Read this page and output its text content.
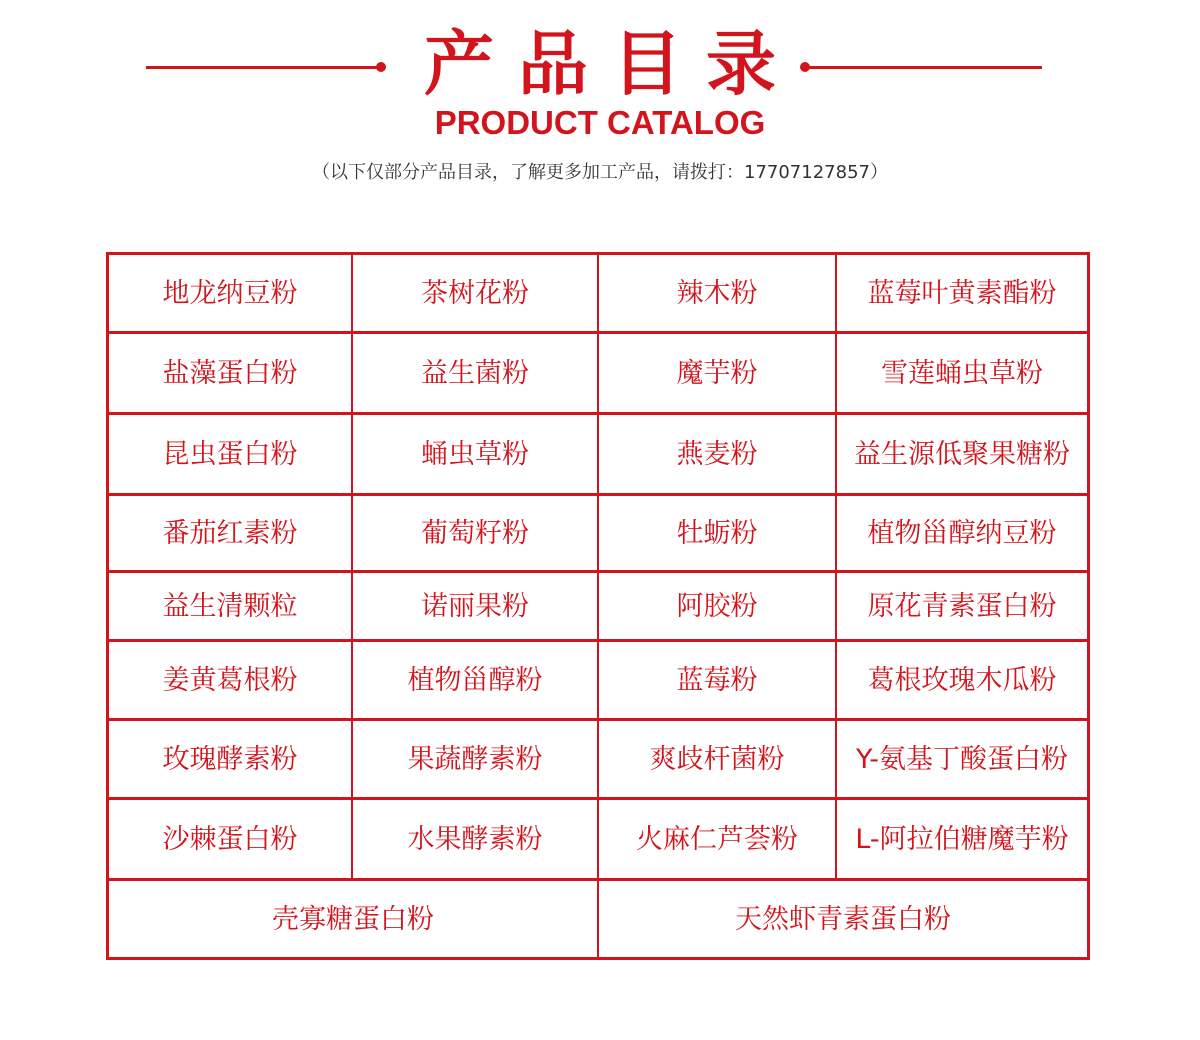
产品目录
PRODUCT CATALOG
（以下仅部分产品目录，了解更多加工产品，请拨打：17707127857）
地龙纳豆粉	茶树花粉	辣木粉	蓝莓叶黄素酯粉
盐藻蛋白粉	益生菌粉	魔芋粉	雪莲蛹虫草粉
昆虫蛋白粉	蛹虫草粉	燕麦粉	益生源低聚果糖粉
番茄红素粉	葡萄籽粉	牡蛎粉	植物甾醇纳豆粉
益生清颗粒	诺丽果粉	阿胶粉	原花青素蛋白粉
姜黄葛根粉	植物甾醇粉	蓝莓粉	葛根玫瑰木瓜粉
玫瑰酵素粉	果蔬酵素粉	爽歧杆菌粉	Y-氨基丁酸蛋白粉
沙棘蛋白粉	水果酵素粉	火麻仁芦荟粉	L-阿拉伯糖魔芋粉
壳寡糖蛋白粉	天然虾青素蛋白粉
